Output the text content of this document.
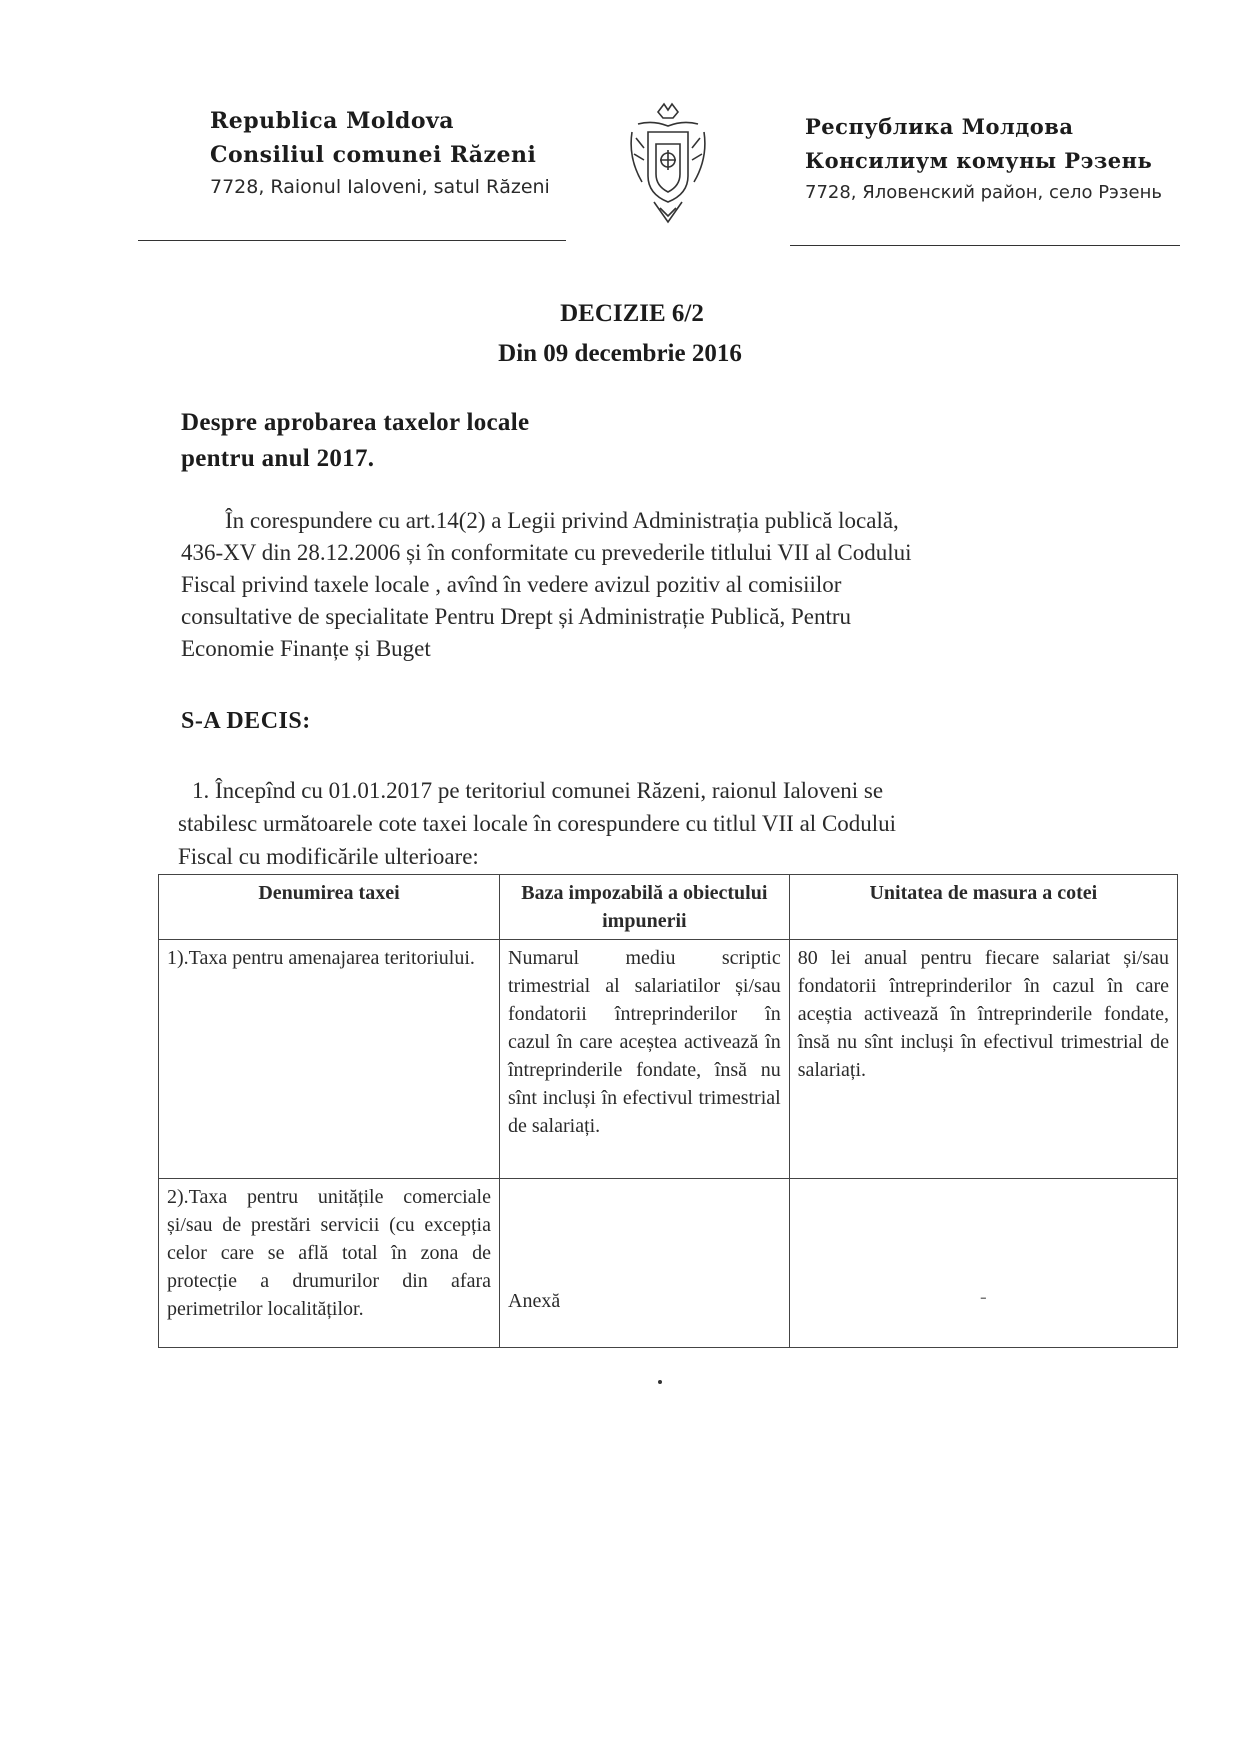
Republica Moldova
Consiliul comunei Răzeni
7728, Raionul Ialoveni, satul Răzeni
Республика Молдова
Консилиум комуны Рэзень
7728, Яловенский район, село Рэзень
DECIZIE 6/2
Din 09 decembrie 2016
Despre aprobarea taxelor locale
pentru anul 2017.
În corespundere cu art.14(2) a Legii privind Administrația publică locală,
436-XV din 28.12.2006 și în conformitate cu prevederile titlului VII al Codului
Fiscal privind taxele locale , avînd în vedere avizul pozitiv al comisiilor
consultative de specialitate Pentru Drept și Administrație Publică, Pentru
Economie Finanțe și Buget
S-A DECIS:
1. Începînd cu 01.01.2017 pe teritoriul comunei Răzeni, raionul Ialoveni se
stabilesc următoarele cote taxei locale în corespundere cu titlul VII al Codului
Fiscal cu modificările ulterioare:
Denumirea taxei	Baza impozabilă a obiectului impunerii	Unitatea de masura a cotei
1).Taxa pentru amenajarea teritoriului.	Numarul mediu scriptic trimestrial al salariatilor și/sau fondatorii întreprinderilor în cazul în care aceștea activează în întreprinderile fondate, însă nu sînt incluși în efectivul trimestrial de salariați.	80 lei anual pentru fiecare salariat și/sau fondatorii întreprinderilor în cazul în care aceștia activează în întreprinderile fondate, însă nu sînt incluși în efectivul trimestrial de salariați.
2).Taxa pentru unitățile comerciale și/sau de prestări servicii (cu excepția celor care se află total în zona de protecție a drumurilor din afara perimetrilor localităților.	Anexă	-
